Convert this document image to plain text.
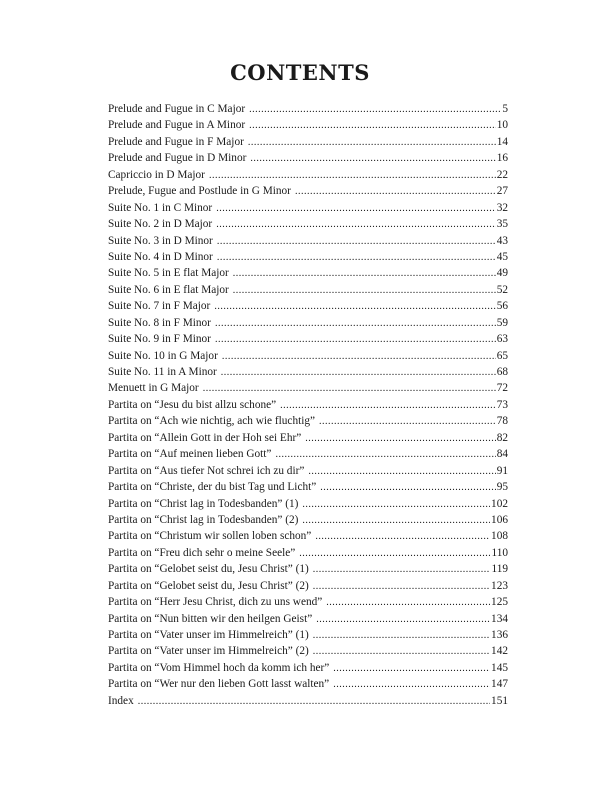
CONTENTS
Prelude and Fugue in C Major .....	5
Prelude and Fugue in A Minor .....	10
Prelude and Fugue in F Major .....	14
Prelude and Fugue in D Minor .....	16
Capriccio in D Major .....	22
Prelude, Fugue and Postlude in G Minor .....	27
Suite No. 1 in C Minor .....	32
Suite No. 2 in D Major .....	35
Suite No. 3 in D Minor .....	43
Suite No. 4 in D Minor .....	45
Suite No. 5 in E flat Major .....	49
Suite No. 6 in E flat Major .....	52
Suite No. 7 in F Major .....	56
Suite No. 8 in F Minor .....	59
Suite No. 9 in F Minor .....	63
Suite No. 10 in G Major .....	65
Suite No. 11 in A Minor .....	68
Menuett in G Major .....	72
Partita on “Jesu du bist allzu schone” .....	73
Partita on “Ach wie nichtig, ach wie fluchtig” .....	78
Partita on “Allein Gott in der Hoh sei Ehr” .....	82
Partita on “Auf meinen lieben Gott” .....	84
Partita on “Aus tiefer Not schrei ich zu dir” .....	91
Partita on “Christe, der du bist Tag und Licht” .....	95
Partita on “Christ lag in Todesbanden” (1) .....	102
Partita on “Christ lag in Todesbanden” (2) .....	106
Partita on “Christum wir sollen loben schon” .....	108
Partita on “Freu dich sehr o meine Seele” .....	110
Partita on “Gelobet seist du, Jesu Christ” (1) .....	119
Partita on “Gelobet seist du, Jesu Christ” (2) .....	123
Partita on “Herr Jesu Christ, dich zu uns wend” .....	125
Partita on “Nun bitten wir den heilgen Geist” .....	134
Partita on “Vater unser im Himmelreich” (1) .....	136
Partita on “Vater unser im Himmelreich” (2) .....	142
Partita on “Vom Himmel hoch da komm ich her” .....	145
Partita on “Wer nur den lieben Gott lasst walten” .....	147
Index .....	151
